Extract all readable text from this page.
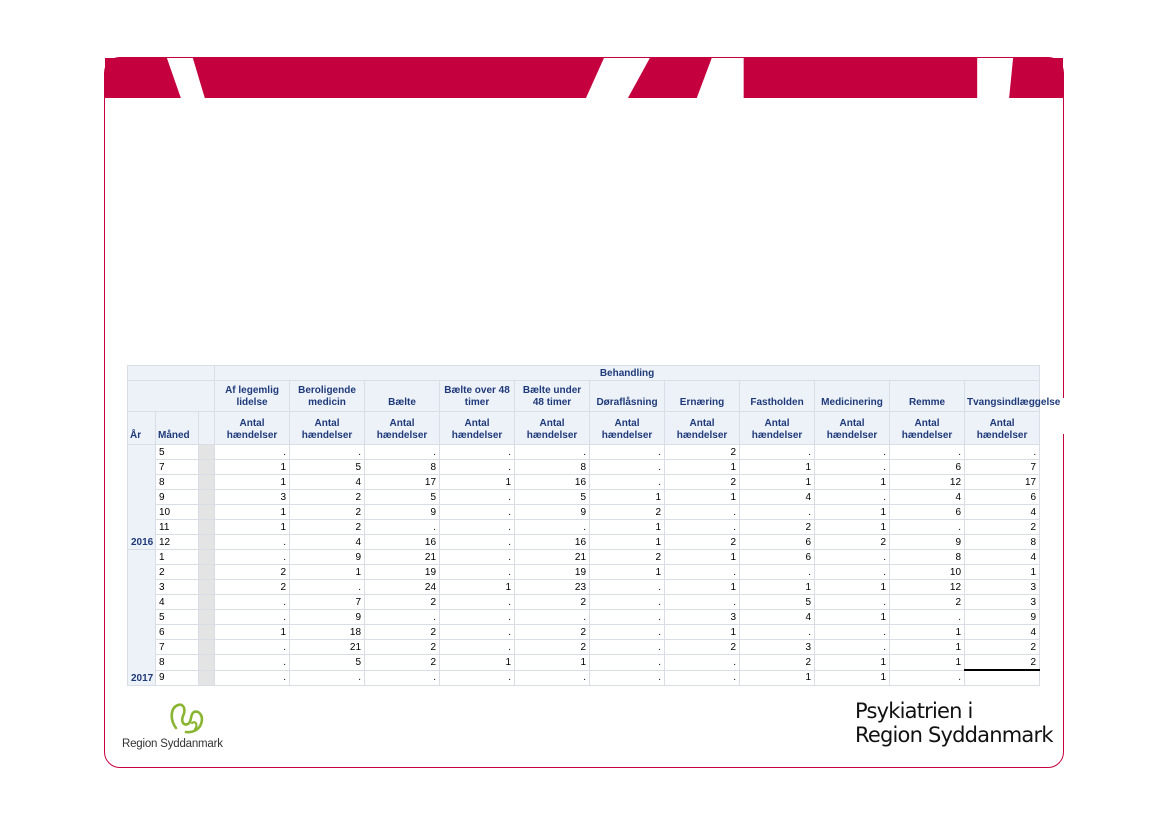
			Behandling										
			Af legemlig lidelse	Beroligende medicin	Bælte	Bælte over 48 timer	Bælte under 48 timer	Døraflåsning	Ernæring	Fastholden	Medicinering	Remme	Tvangsindlæggelse
År	Måned		Antal hændelser	Antal hændelser	Antal hændelser	Antal hændelser	Antal hændelser	Antal hændelser	Antal hændelser	Antal hændelser	Antal hændelser	Antal hændelser	Antal hændelser
2016	5		.	.	.	.	.	.	2	.	.	.	.
	7		1	5	8	.	8	.	1	1	.	6	7
	8		1	4	17	1	16	.	2	1	1	12	17
	9		3	2	5	.	5	1	1	4	.	4	6
	10		1	2	9	.	9	2	.	.	1	6	4
	11		1	2	.	.	.	1	.	2	1	.	2
	12		.	4	16	.	16	1	2	6	2	9	8
2017	1		.	9	21	.	21	2	1	6	.	8	4
	2		2	1	19	.	19	1	.	.	.	10	1
	3		2	.	24	1	23	.	1	1	1	12	3
	4		.	7	2	.	2	.	.	5	.	2	3
	5		.	9	.	.	.	.	3	4	1	.	9
	6		1	18	2	.	2	.	1	.	.	1	4
	7		.	21	2	.	2	.	2	3	.	1	2
	8		.	5	2	1	1	.	.	2	1	1	2
	9		.	.	.	.	.	.	.	1	1	.	
Region Syddanmark
Psykiatrien i
Region Syddanmark
